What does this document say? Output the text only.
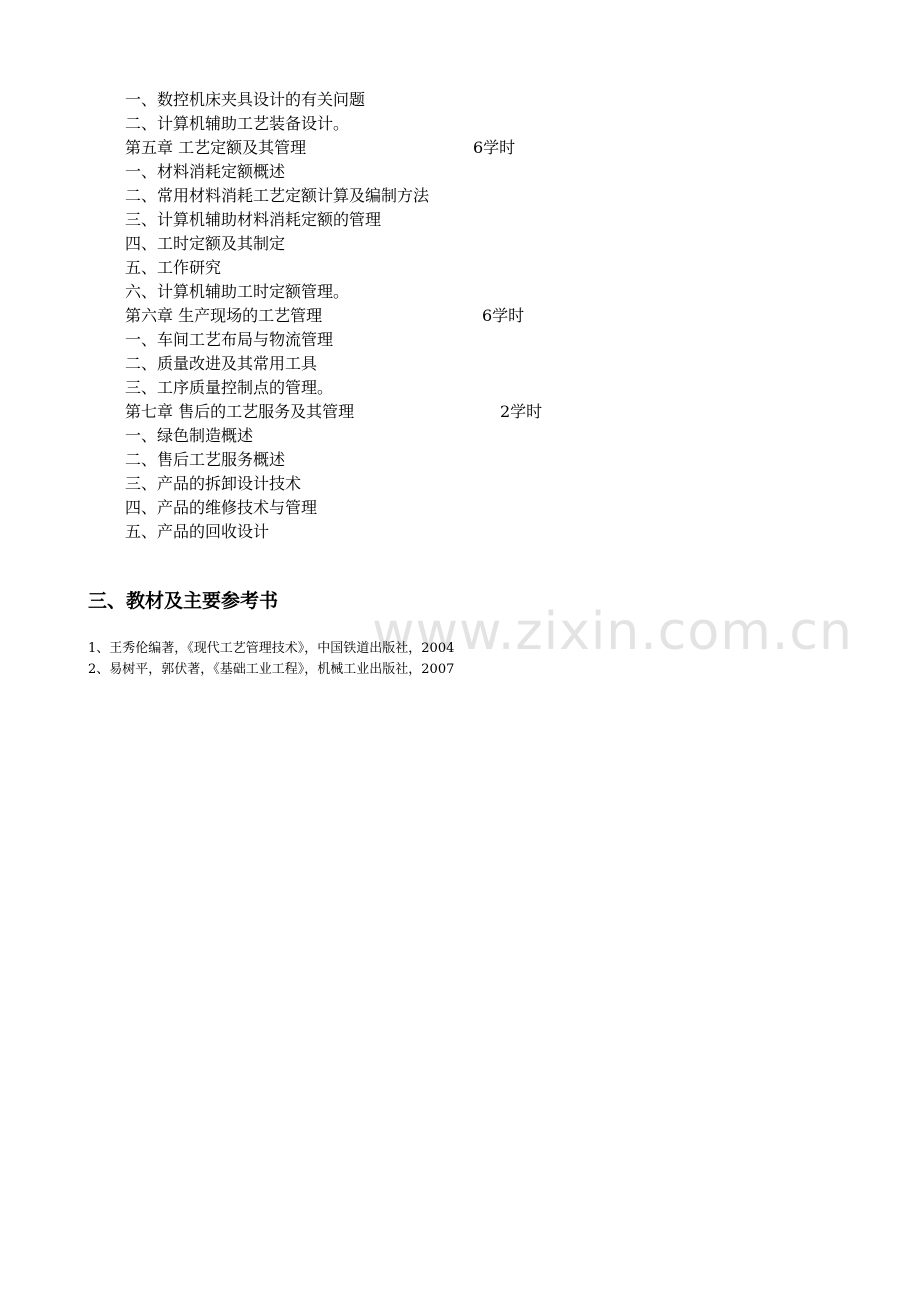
一、数控机床夹具设计的有关问题
二、计算机辅助工艺装备设计。
第五章 工艺定额及其管理	6学时
一、材料消耗定额概述
二、常用材料消耗工艺定额计算及编制方法
三、计算机辅助材料消耗定额的管理
四、工时定额及其制定
五、工作研究
六、计算机辅助工时定额管理。
第六章 生产现场的工艺管理	6学时
一、车间工艺布局与物流管理
二、质量改进及其常用工具
三、工序质量控制点的管理。
第七章 售后的工艺服务及其管理	2学时
一、绿色制造概述
二、售后工艺服务概述
三、产品的拆卸设计技术
四、产品的维修技术与管理
五、产品的回收设计
三、教材及主要参考书
www.zixin.com.cn
1、王秀伦编著，《现代工艺管理技术》，中国铁道出版社，2004
2、易树平，郭伏著，《基础工业工程》，机械工业出版社，2007
